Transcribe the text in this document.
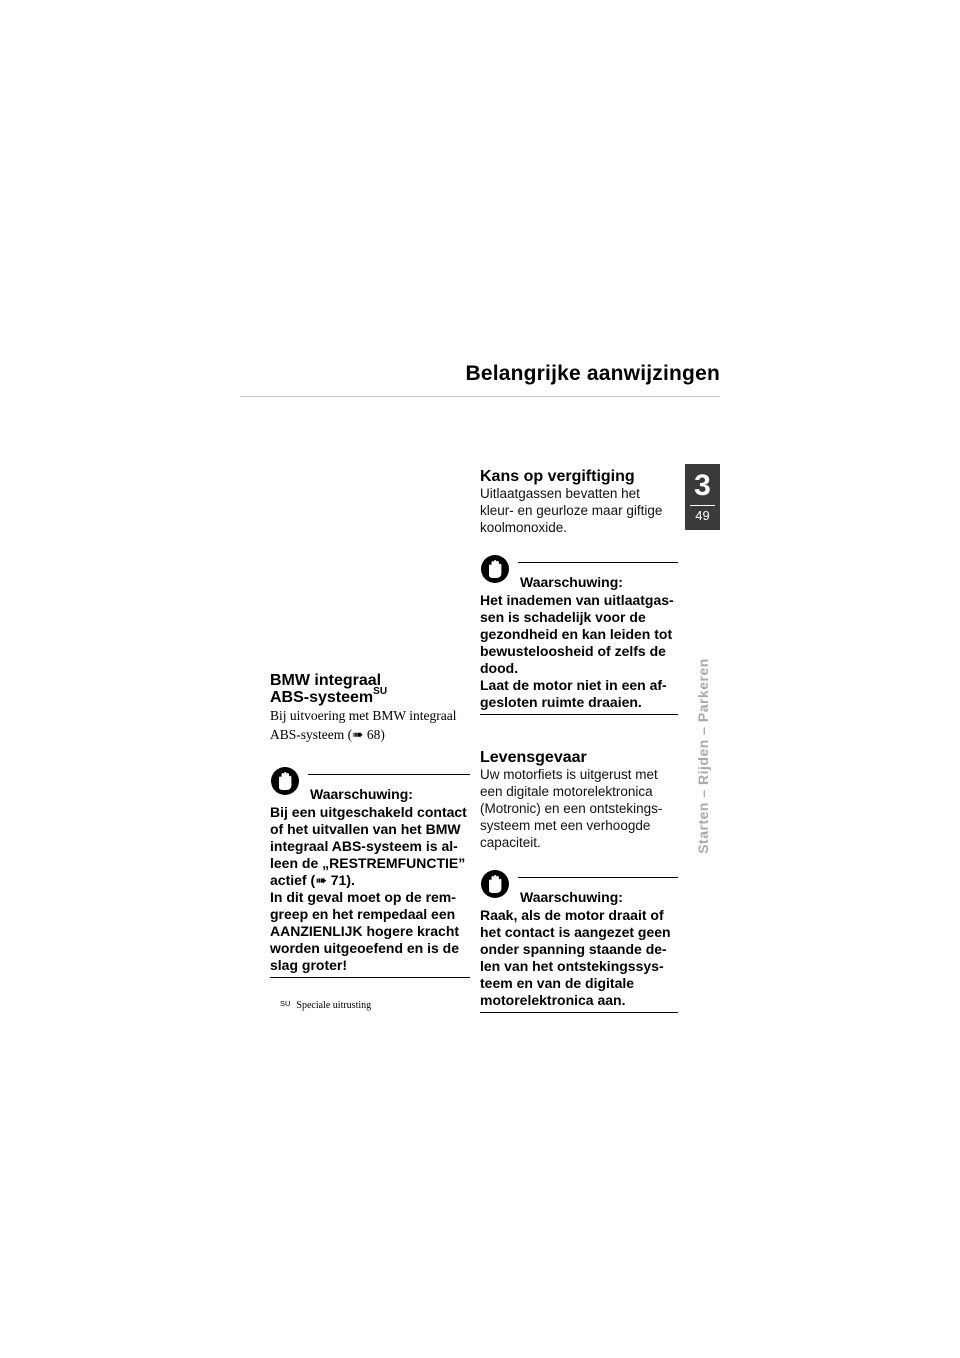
Belangrijke aanwijzingen
3
49
Starten – Rijden – Parkeren
BMW integraal
ABS-systeem$^{SU}$

Bij uitvoering met BMW integraal
ABS-systeem (➠ 68)

Waarschuwing:

Bij een uitgeschakeld contact
of het uitvallen van het BMW
integraal ABS-systeem is al-
leen de „RESTREMFUNCTIE”
actief (➠ 71).
In dit geval moet op de rem-
greep en het rempedaal een
AANZIENLIJK hogere kracht
worden uitgeoefend en is de
slag groter!

$^{SU}$ Speciale uitrusting
Kans op vergiftiging

Uitlaatgassen bevatten het
kleur- en geurloze maar giftige
koolmonoxide.

Waarschuwing:

Het inademen van uitlaatgas-
sen is schadelijk voor de
gezondheid en kan leiden tot
bewusteloosheid of zelfs de
dood.
Laat de motor niet in een af-
gesloten ruimte draaien.

Levensgevaar

Uw motorfiets is uitgerust met
een digitale motorelektronica
(Motronic) en een ontstekings-
systeem met een verhoogde
capaciteit.

Waarschuwing:

Raak, als de motor draait of
het contact is aangezet geen
onder spanning staande de-
len van het ontstekingssys-
teem en van de digitale
motorelektronica aan.
